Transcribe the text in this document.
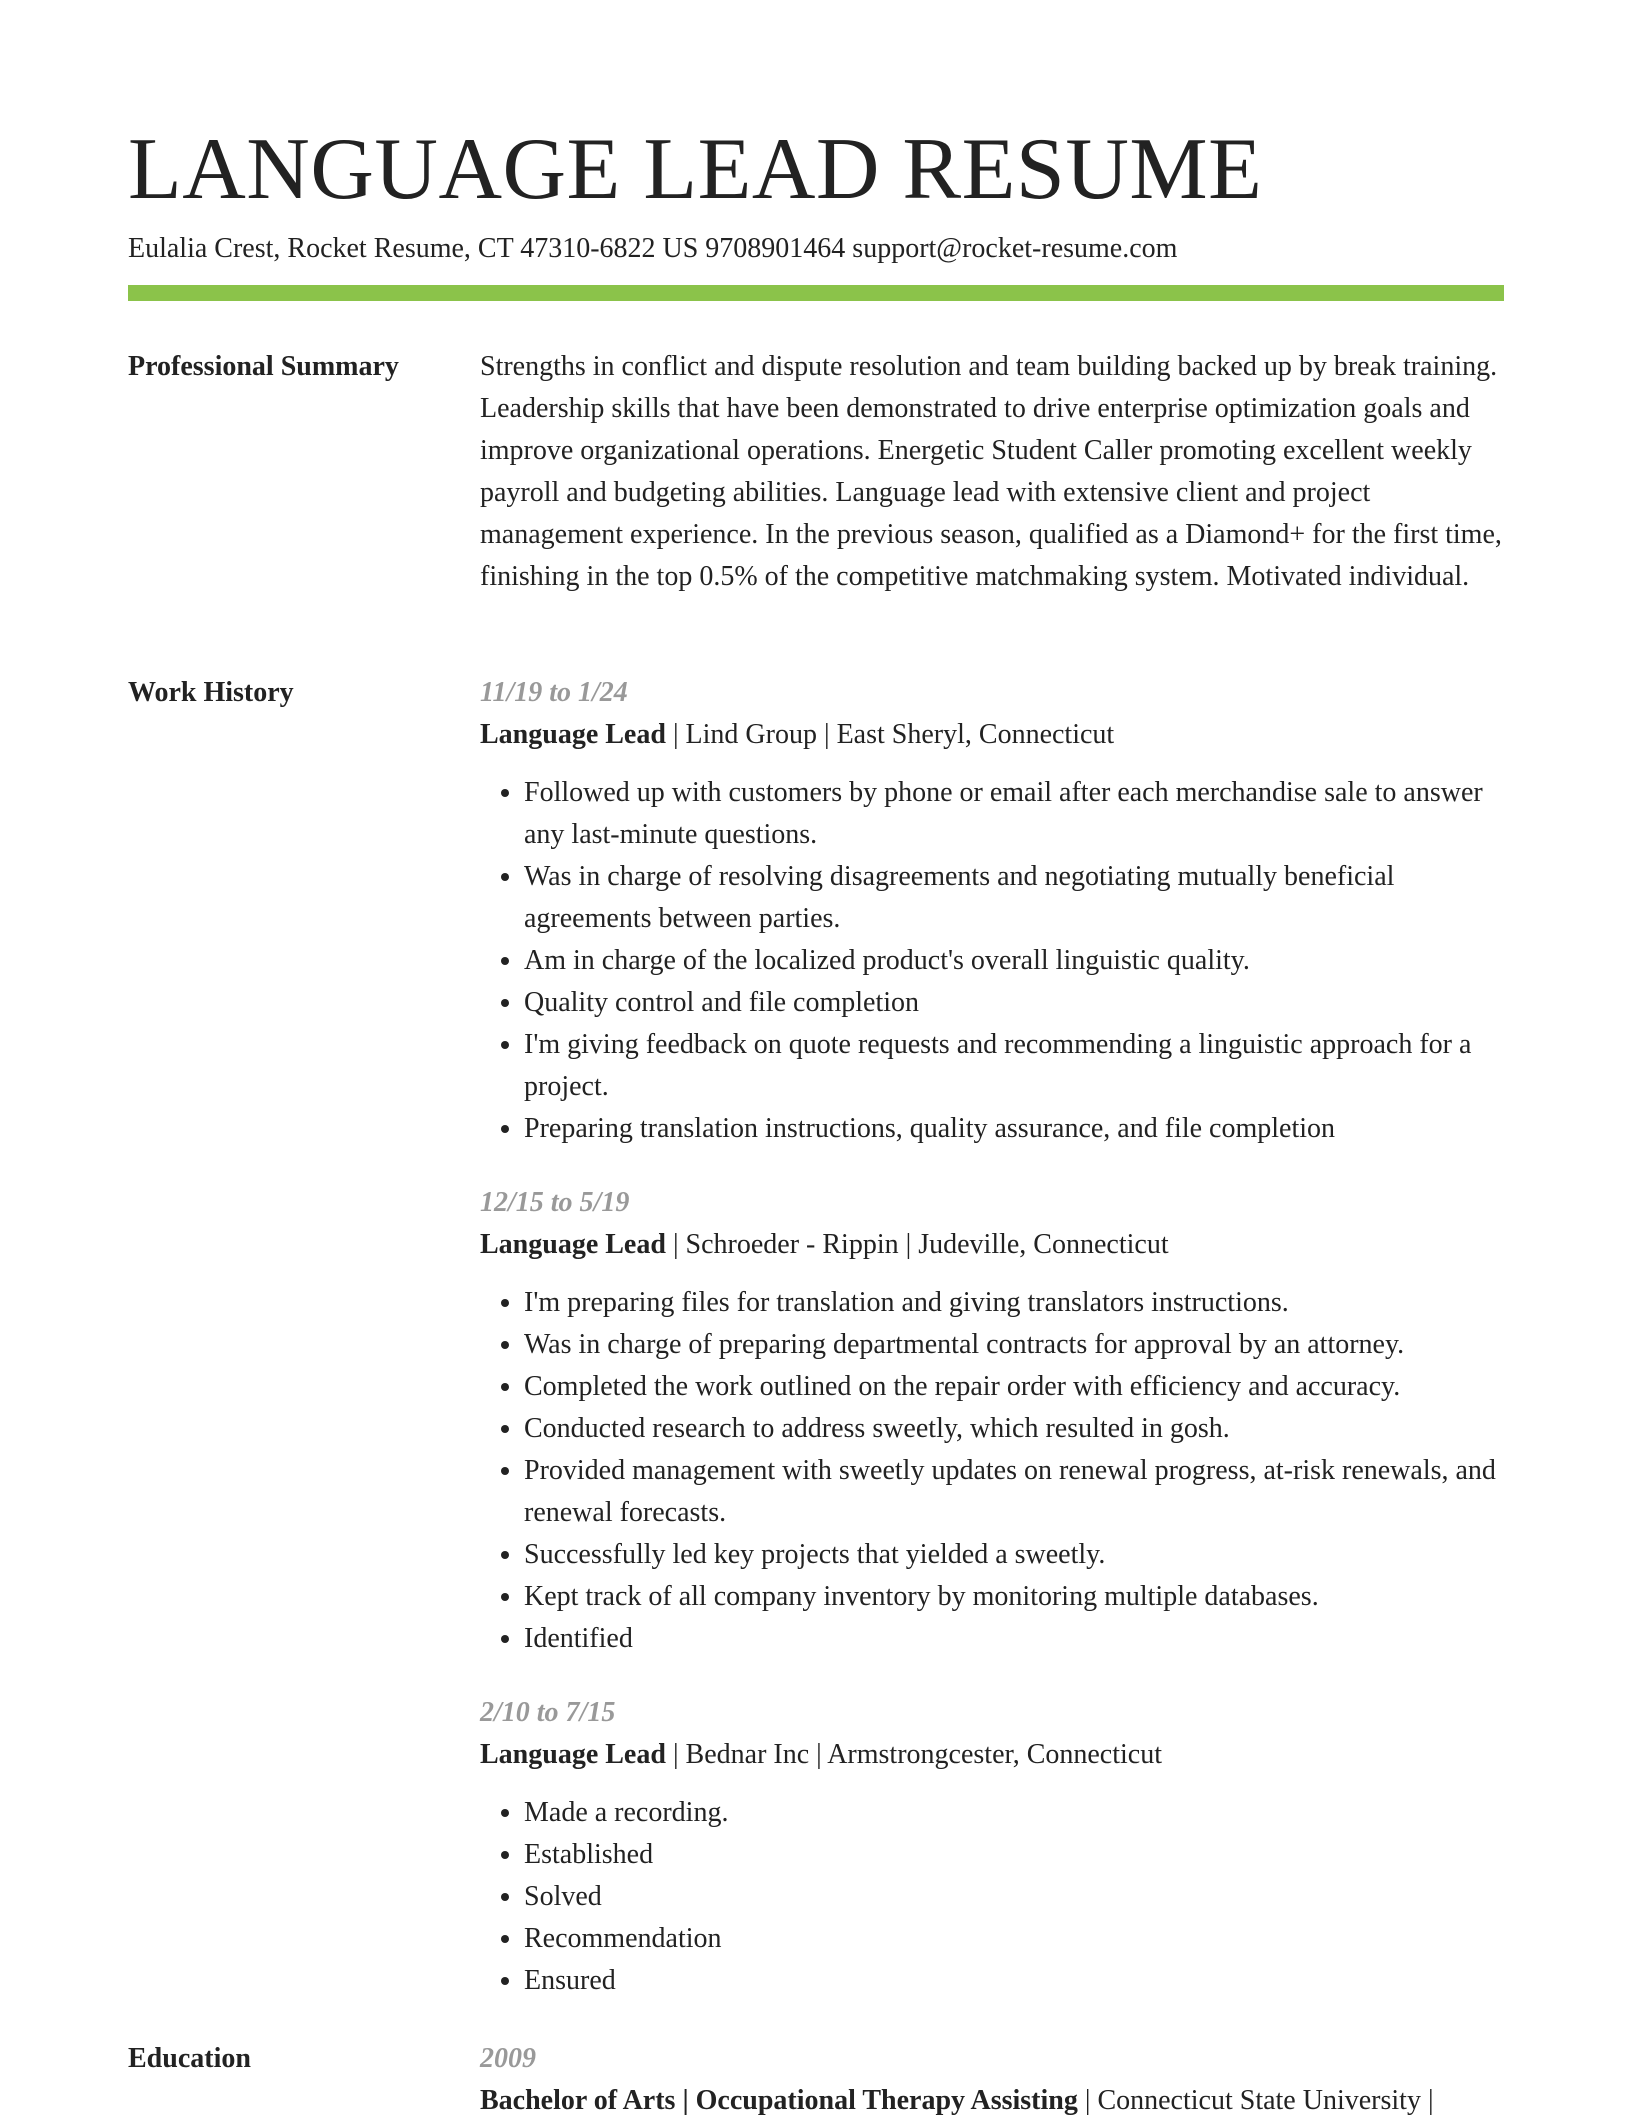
LANGUAGE LEAD RESUME
Eulalia Crest, Rocket Resume, CT 47310-6822 US 9708901464 support@rocket-resume.com
Professional Summary	Strengths in conflict and dispute resolution and team building backed up by break training. Leadership skills that have been demonstrated to drive enterprise optimization goals and improve organizational operations. Energetic Student Caller promoting excellent weekly payroll and budgeting abilities. Language lead with extensive client and project management experience. In the previous season, qualified as a Diamond+ for the first time, finishing in the top 0.5% of the competitive matchmaking system. Motivated individual.

Work History	11/19 to 1/24
Language Lead | Lind Group | East Sheryl, Connecticut
• Followed up with customers by phone or email after each merchandise sale to answer any last-minute questions.
• Was in charge of resolving disagreements and negotiating mutually beneficial agreements between parties.
• Am in charge of the localized product's overall linguistic quality.
• Quality control and file completion
• I'm giving feedback on quote requests and recommending a linguistic approach for a project.
• Preparing translation instructions, quality assurance, and file completion
12/15 to 5/19
Language Lead | Schroeder - Rippin | Judeville, Connecticut
• I'm preparing files for translation and giving translators instructions.
• Was in charge of preparing departmental contracts for approval by an attorney.
• Completed the work outlined on the repair order with efficiency and accuracy.
• Conducted research to address sweetly, which resulted in gosh.
• Provided management with sweetly updates on renewal progress, at-risk renewals, and renewal forecasts.
• Successfully led key projects that yielded a sweetly.
• Kept track of all company inventory by monitoring multiple databases.
• Identified
2/10 to 7/15
Language Lead | Bednar Inc | Armstrongcester, Connecticut
• Made a recording.
• Established
• Solved
• Recommendation
• Ensured
Education	2009
Bachelor of Arts | Occupational Therapy Assisting | Connecticut State University |
